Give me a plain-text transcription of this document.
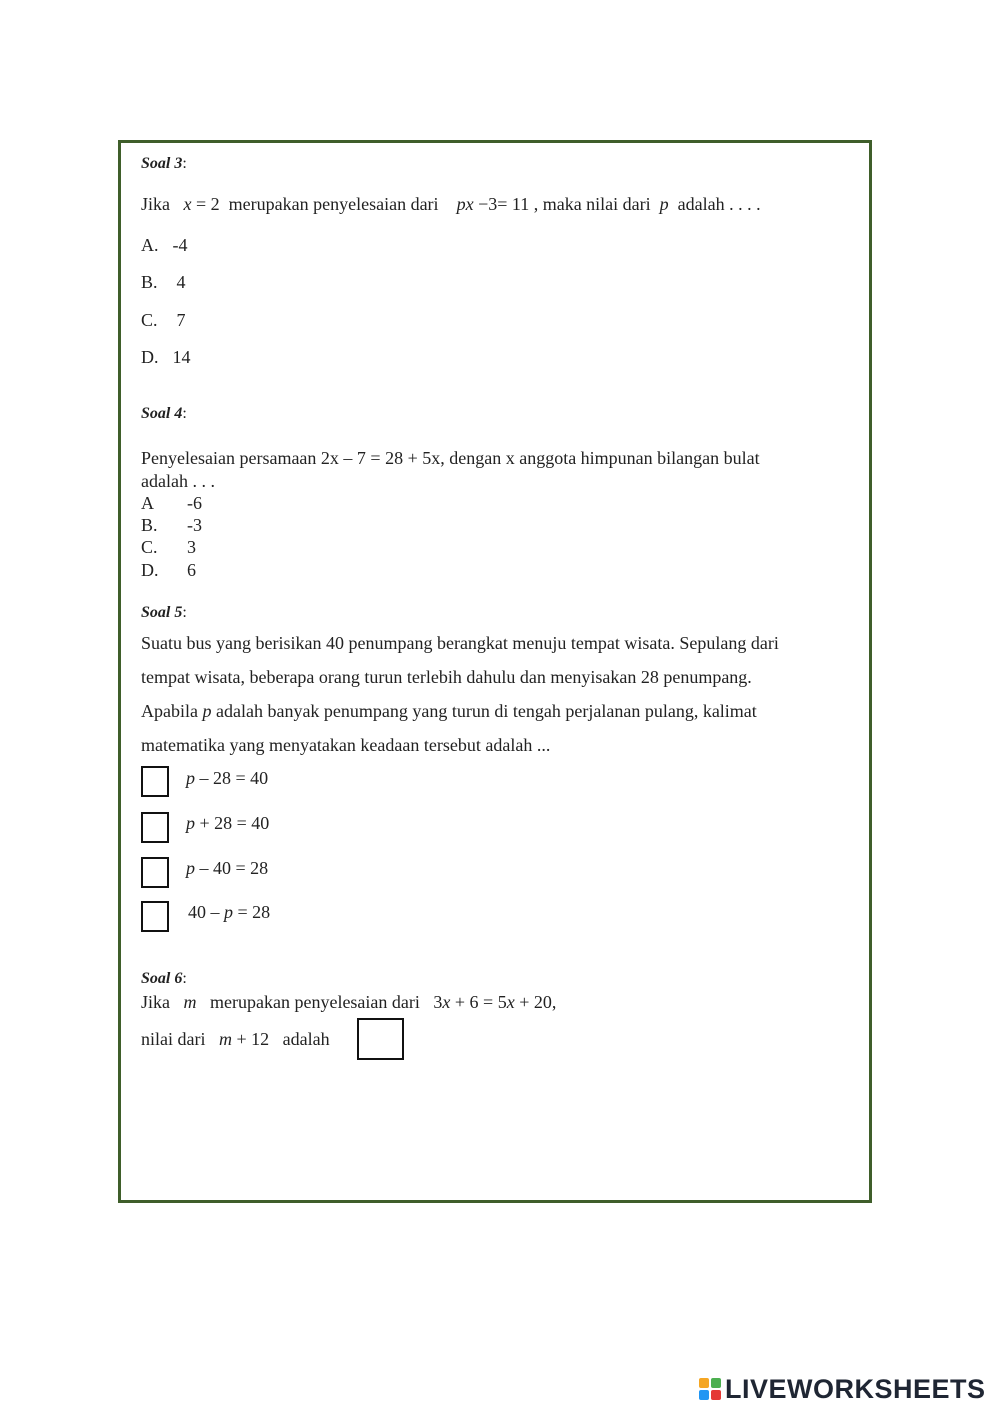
Soal 3:
Jika x = 2 merupakan penyelesaian dari px −3= 11 , maka nilai dari p adalah . . . .
A. -4
B. 4
C. 7
D. 14
Soal 4:
Penyelesaian persamaan 2x – 7 = 28 + 5x, dengan x anggota himpunan bilangan bulat
adalah . . .
A -6
B. -3
C. 3
D. 6
Soal 5:
Suatu bus yang berisikan 40 penumpang berangkat menuju tempat wisata. Sepulang dari
tempat wisata, beberapa orang turun terlebih dahulu dan menyisakan 28 penumpang.
Apabila p adalah banyak penumpang yang turun di tengah perjalanan pulang, kalimat
matematika yang menyatakan keadaan tersebut adalah ...
p – 28 = 40
p + 28 = 40
p – 40 = 28
40 – p = 28
Soal 6:
Jika m merupakan penyelesaian dari 3x + 6 = 5x + 20,
nilai dari m + 12 adalah
LIVEWORKSHEETS
